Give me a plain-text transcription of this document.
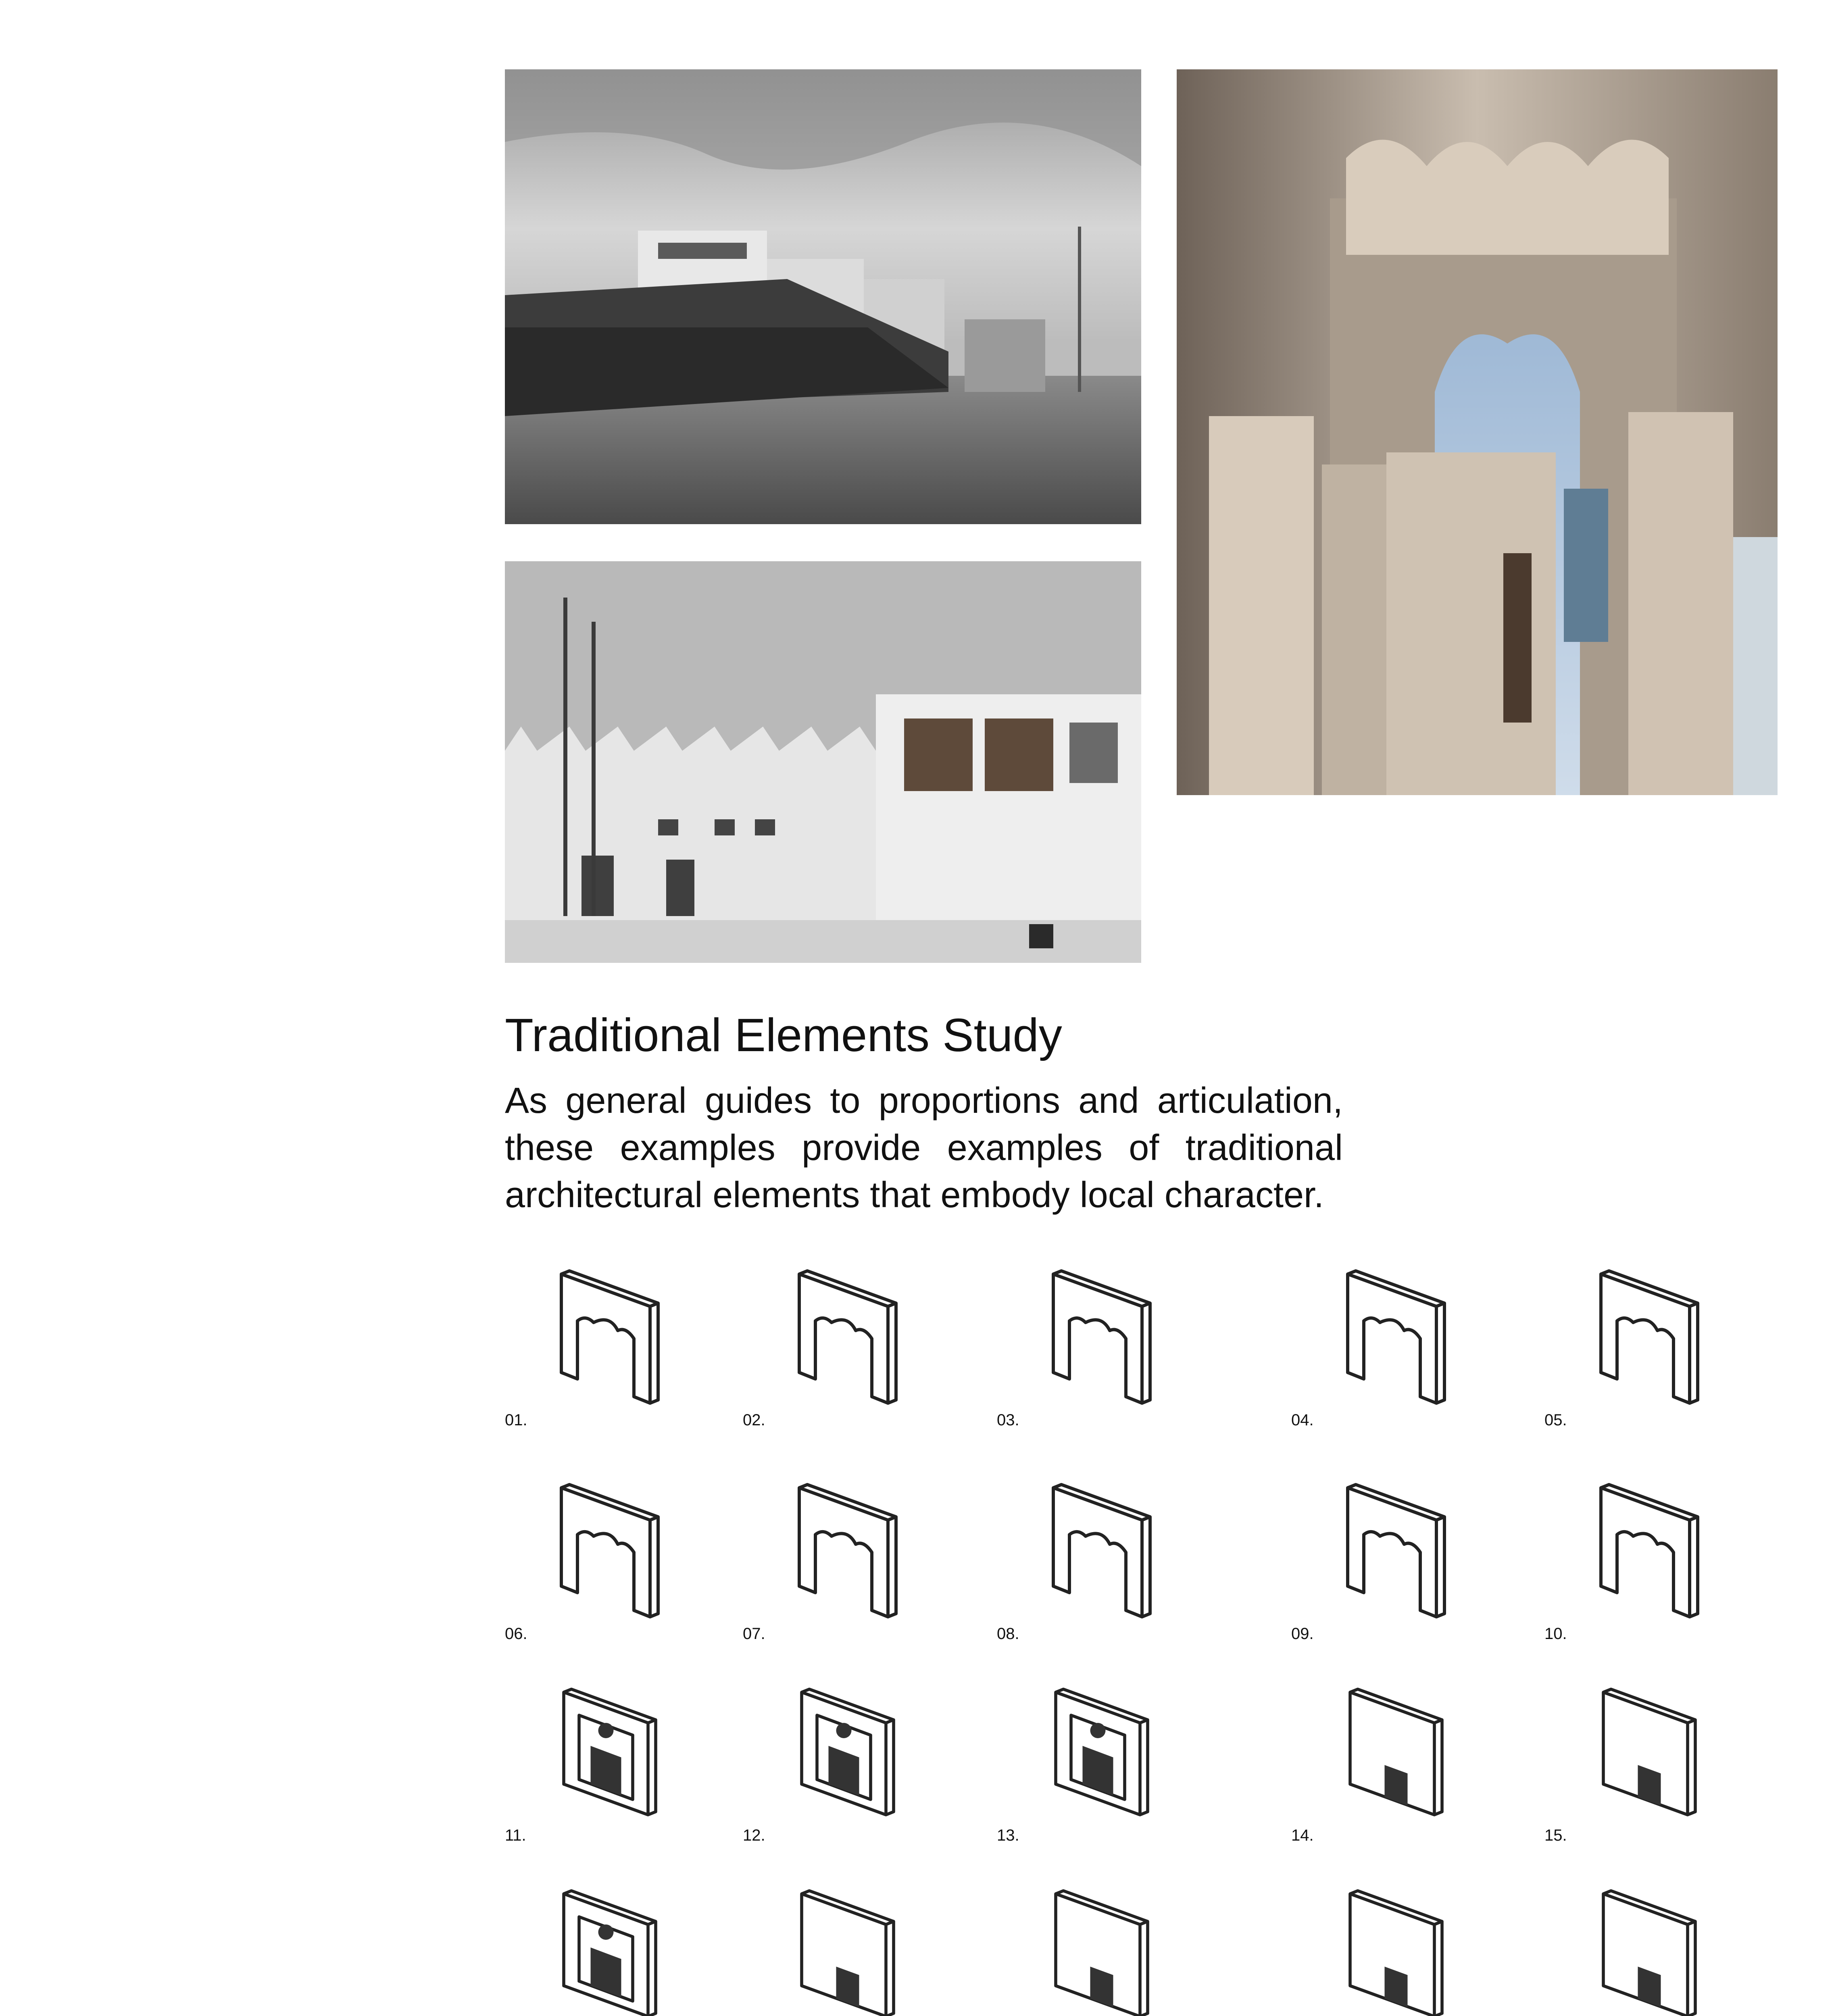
Traditional Elements Study

As general guides to proportions and articulation, these examples provide examples of traditional architectural elements that embody local character.

01.	02.	03.	04.	05.
06.	07.	08.	09.	10.
11.	12.	13.	14.	15.
